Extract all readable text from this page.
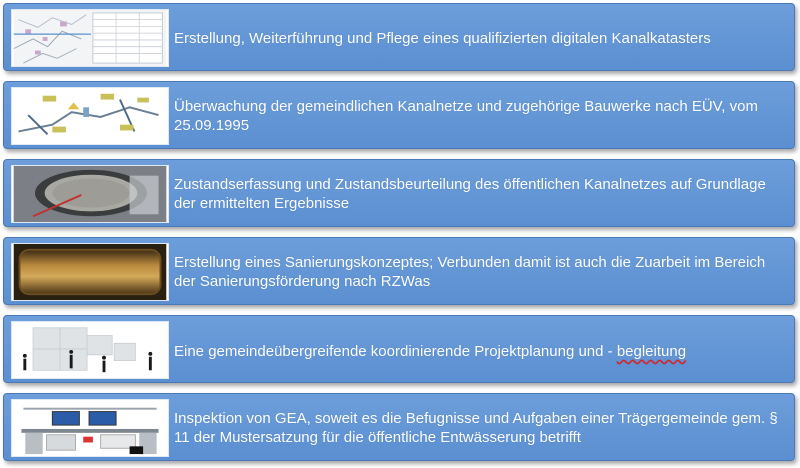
Erstellung, Weiterführung und Pflege eines qualifizierten digitalen Kanalkatasters
Überwachung der gemeindlichen Kanalnetze und zugehörige Bauwerke nach EÜV, vom 25.09.1995
Zustandserfassung und Zustandsbeurteilung des öffentlichen Kanalnetzes auf Grundlage der ermittelten Ergebnisse
Erstellung eines Sanierungskonzeptes; Verbunden damit ist auch die Zuarbeit im Bereich der Sanierungsförderung nach RZWas
Eine gemeindeübergreifende koordinierende Projektplanung und - begleitung
Inspektion von GEA, soweit es die Befugnisse und Aufgaben einer Trägergemeinde gem. § 11 der Mustersatzung für die öffentliche Entwässerung betrifft
